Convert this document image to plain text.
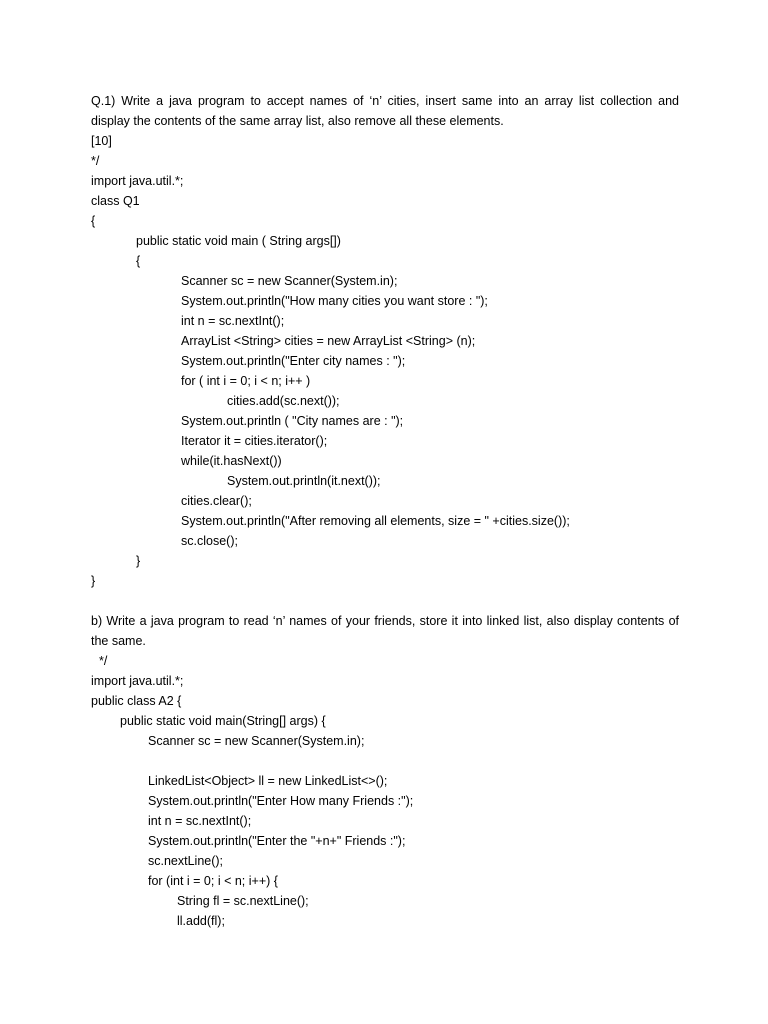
Q.1) Write a java program to accept names of ‘n’ cities, insert same into an array list collection and
display the contents of the same array list, also remove all these elements.
[10]
*/
import java.util.*;
class Q1
{
public static void main ( String args[])
{
Scanner sc = new Scanner(System.in);
System.out.println("How many cities you want store : ");
int n = sc.nextInt();
ArrayList <String> cities = new ArrayList <String> (n);
System.out.println("Enter city names : ");
for ( int i = 0; i < n; i++ )
cities.add(sc.next());
System.out.println ( "City names are : ");
Iterator it = cities.iterator();
while(it.hasNext())
System.out.println(it.next());
cities.clear();
System.out.println("After removing all elements, size = " +cities.size());
sc.close();
}
}
b) Write a java program to read ‘n’ names of your friends, store it into linked list, also display contents of
the same.
*/
import java.util.*;
public class A2 {
public static void main(String[] args) {
Scanner sc = new Scanner(System.in);
LinkedList<Object> ll = new LinkedList<>();
System.out.println("Enter How many Friends :");
int n = sc.nextInt();
System.out.println("Enter the "+n+" Friends :");
sc.nextLine();
for (int i = 0; i < n; i++) {
String fl = sc.nextLine();
ll.add(fl);
